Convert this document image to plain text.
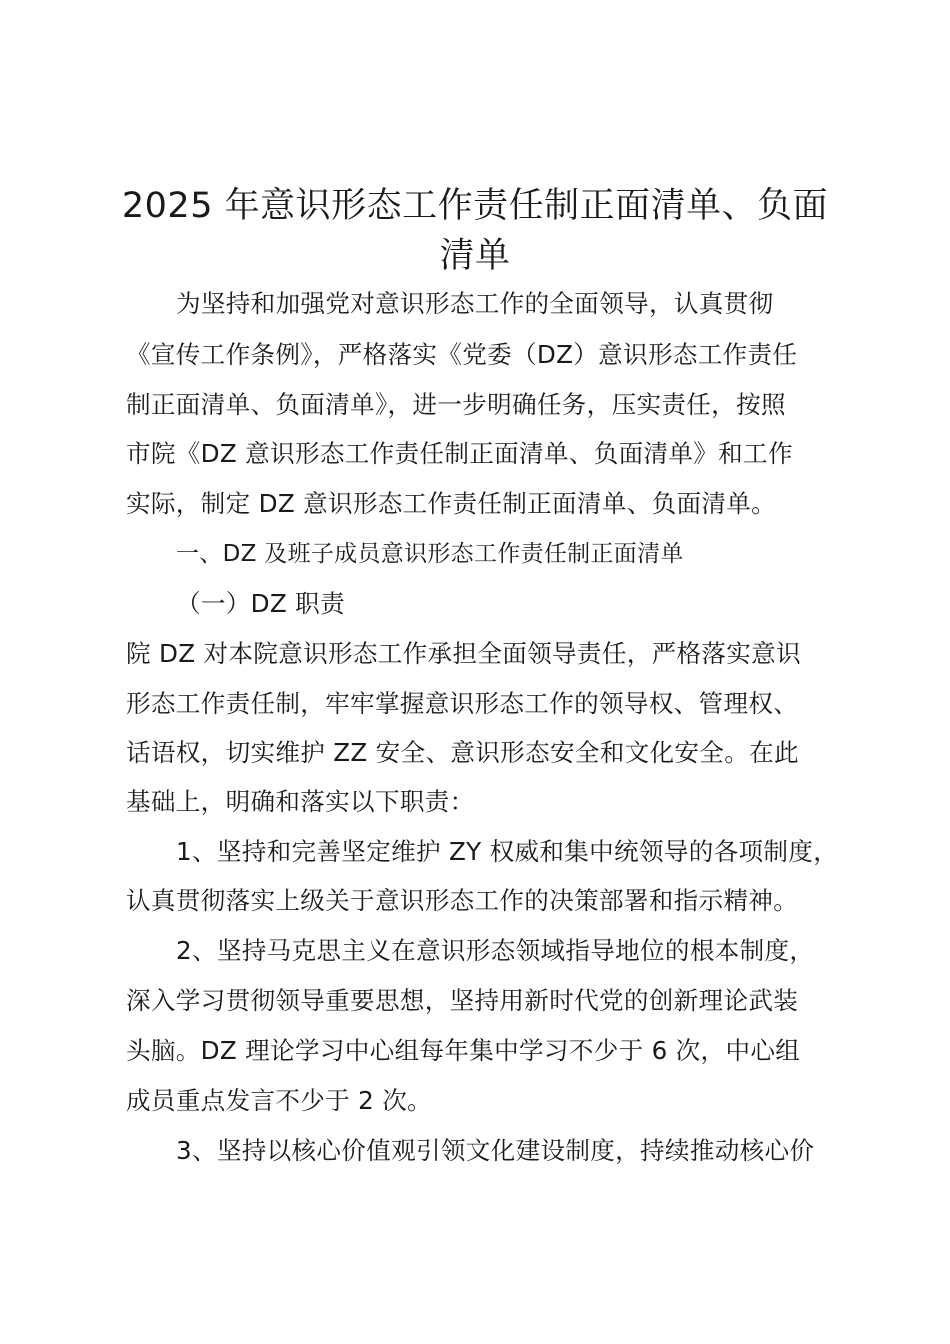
2025 年意识形态工作责任制正面清单、负面
清单
为坚持和加强党对意识形态工作的全面领导，认真贯彻
《宣传工作条例》，严格落实《党委（DZ）意识形态工作责任
制正面清单、负面清单》，进一步明确任务，压实责任，按照
市院《DZ 意识形态工作责任制正面清单、负面清单》和工作
实际，制定 DZ 意识形态工作责任制正面清单、负面清单。
一、DZ 及班子成员意识形态工作责任制正面清单
（一）DZ 职责
院 DZ 对本院意识形态工作承担全面领导责任，严格落实意识
形态工作责任制，牢牢掌握意识形态工作的领导权、管理权、
话语权，切实维护 ZZ 安全、意识形态安全和文化安全。在此
基础上，明确和落实以下职责：
1、坚持和完善坚定维护 ZY 权威和集中统领导的各项制度，
认真贯彻落实上级关于意识形态工作的决策部署和指示精神。
2、坚持马克思主义在意识形态领域指导地位的根本制度，
深入学习贯彻领导重要思想，坚持用新时代党的创新理论武装
头脑。DZ 理论学习中心组每年集中学习不少于 6 次，中心组
成员重点发言不少于 2 次。
3、坚持以核心价值观引领文化建设制度，持续推动核心价
